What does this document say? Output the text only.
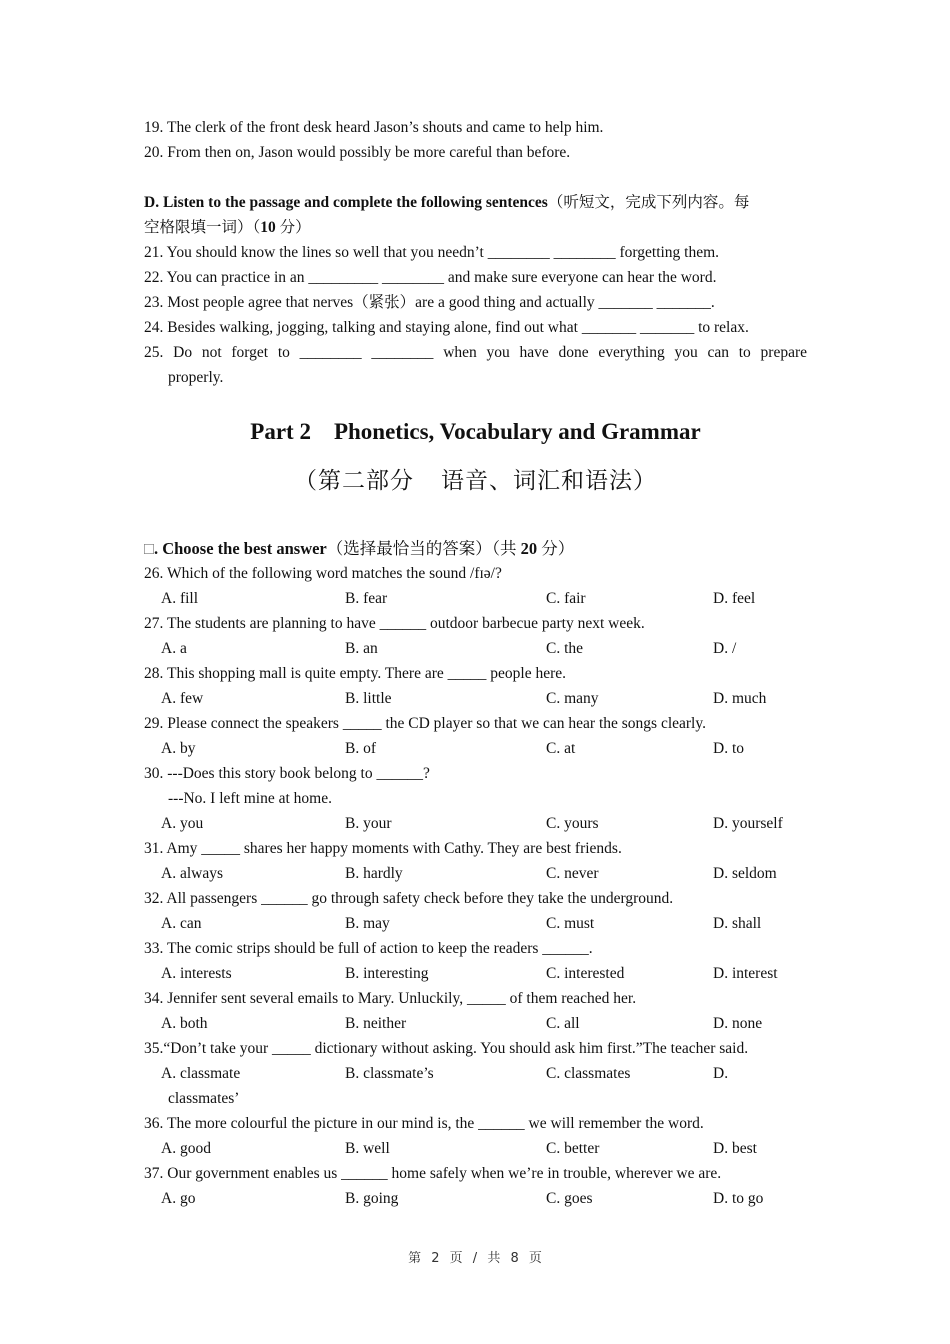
19. The clerk of the front desk heard Jason’s shouts and came to help him.
20. From then on, Jason would possibly be more careful than before.
D. Listen to the passage and complete the following sentences（听短文，完成下列内容。每
空格限填一词）（10 分）
21. You should know the lines so well that you needn’t ________ ________ forgetting them.
22. You can practice in an _________ ________ and make sure everyone can hear the word.
23. Most people agree that nerves（紧张）are a good thing and actually _______ _______.
24. Besides walking, jogging, talking and staying alone, find out what _______ _______ to relax.
25. Do not forget to ________ ________ when you have done everything you can to prepare
properly.
Part 2    Phonetics, Vocabulary and Grammar
（第二部分    语音、词汇和语法）
□. Choose the best answer（选择最恰当的答案）（共 20 分）
26. Which of the following word matches the sound /fɪə/?
A. fill	B. fear	C. fair	D. feel
27. The students are planning to have ______ outdoor barbecue party next week.
A. a	B. an	C. the	D. /
28. This shopping mall is quite empty. There are _____ people here.
A. few	B. little	C. many	D. much
29. Please connect the speakers _____ the CD player so that we can hear the songs clearly.
A. by	B. of	C. at	D. to
30. ---Does this story book belong to ______?
---No. I left mine at home.
A. you	B. your	C. yours	D. yourself
31. Amy _____ shares her happy moments with Cathy. They are best friends.
A. always	B. hardly	C. never	D. seldom
32. All passengers ______ go through safety check before they take the underground.
A. can	B. may	C. must	D. shall
33. The comic strips should be full of action to keep the readers ______.
A. interests	B. interesting	C. interested	D. interest
34. Jennifer sent several emails to Mary. Unluckily, _____ of them reached her.
A. both	B. neither	C. all	D. none
35.“Don’t take your _____ dictionary without asking. You should ask him first.”The teacher said.
A. classmate	B. classmate’s	C. classmates	D.
classmates’
36. The more colourful the picture in our mind is, the ______ we will remember the word.
A. good	B. well	C. better	D. best
37. Our government enables us ______ home safely when we’re in trouble, wherever we are.
A. go	B. going	C. goes	D. to go
第 2 页 / 共 8 页
